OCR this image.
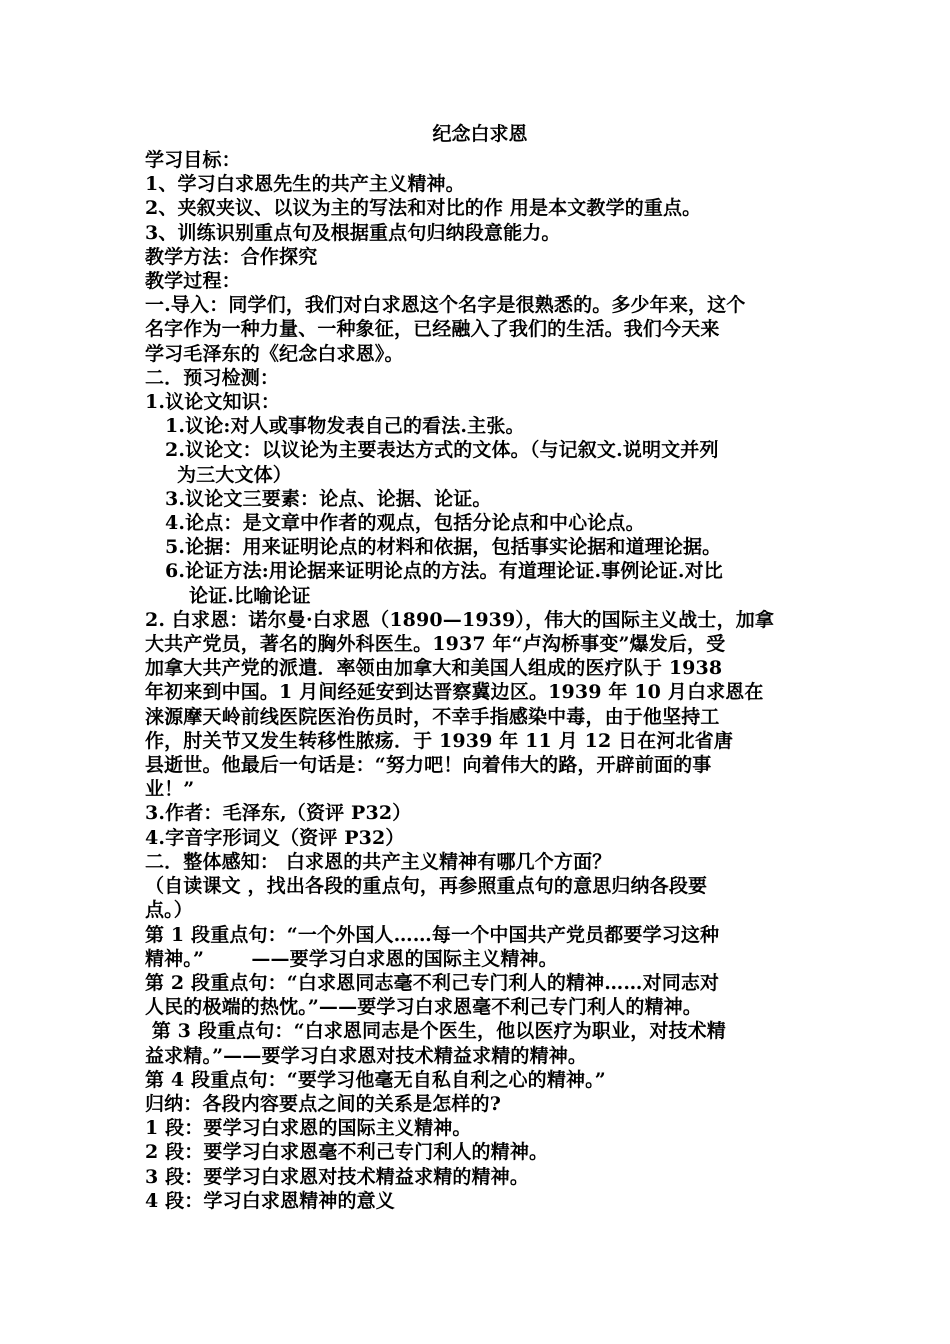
纪念白求恩
学习目标：
1、学习白求恩先生的共产主义精神。
2、夹叙夹议、以议为主的写法和对比的作 用是本文教学的重点。
3、训练识别重点句及根据重点句归纳段意能力。
教学方法：合作探究
教学过程：
一.导入：同学们，我们对白求恩这个名字是很熟悉的。多少年来，这个
名字作为一种力量、一种象征，已经融入了我们的生活。我们今天来
学习毛泽东的《纪念白求恩》。
二．预习检测：
1.议论文知识：
1.议论:对人或事物发表自己的看法.主张。
2.议论文：以议论为主要表达方式的文体。（与记叙文.说明文并列
为三大文体）
3.议论文三要素：论点、论据、论证。
4.论点：是文章中作者的观点，包括分论点和中心论点。
5.论据：用来证明论点的材料和依据，包括事实论据和道理论据。
6.论证方法:用论据来证明论点的方法。有道理论证.事例论证.对比
论证.比喻论证
2. 白求恩：诺尔曼·白求恩（1890—1939），伟大的国际主义战士，加拿
大共产党员，著名的胸外科医生。1937 年“卢沟桥事变”爆发后，受
加拿大共产党的派遣．率领由加拿大和美国人组成的医疗队于 1938
年初来到中国。1 月间经延安到达晋察冀边区。1939 年 10 月白求恩在
涞源摩天岭前线医院医治伤员时，不幸手指感染中毒，由于他坚持工
作，肘关节又发生转移性脓疡．于 1939 年 11 月 12 日在河北省唐
县逝世。他最后一句话是：“努力吧！向着伟大的路，开辟前面的事
业！”
3.作者：毛泽东,（资评 P32）
4.字音字形词义（资评 P32）
二．整体感知： 白求恩的共产主义精神有哪几个方面？
（自读课文 ，找出各段的重点句，再参照重点句的意思归纳各段要
点。）
第 1 段重点句：“一个外国人……每一个中国共产党员都要学习这种
精神。”       ——要学习白求恩的国际主义精神。
第 2 段重点句：“白求恩同志毫不利己专门利人的精神……对同志对
人民的极端的热忱。”——要学习白求恩毫不利己专门利人的精神。
第 3 段重点句：“白求恩同志是个医生，他以医疗为职业，对技术精
益求精。”——要学习白求恩对技术精益求精的精神。
第 4 段重点句：“要学习他毫无自私自利之心的精神。”
归纳：各段内容要点之间的关系是怎样的?
1 段：要学习白求恩的国际主义精神。
2 段：要学习白求恩毫不利己专门利人的精神。
3 段：要学习白求恩对技术精益求精的精神。
4 段：学习白求恩精神的意义
